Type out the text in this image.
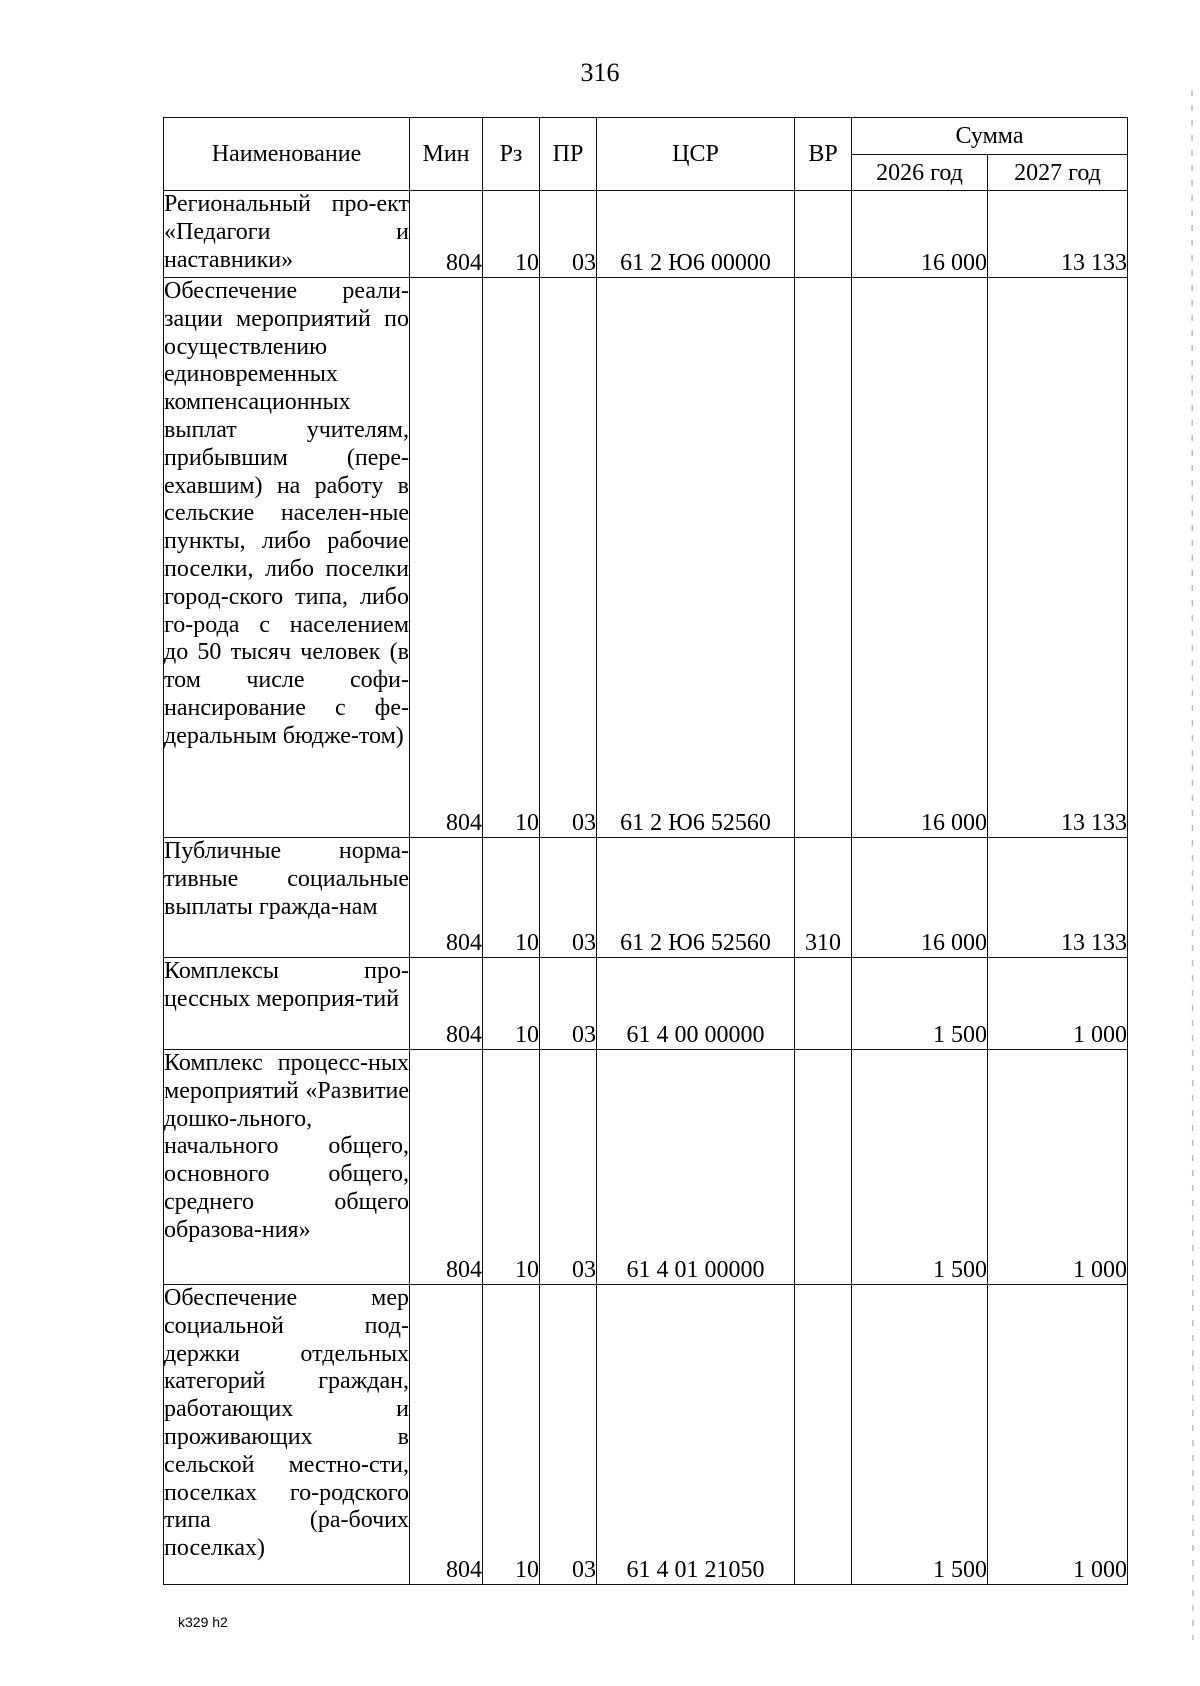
316
Наименование	Мин	Рз	ПР	ЦСР	ВР	Сумма	
						2026 год	2027 год
Региональный про-​ект «Педагоги и наставники»	804	10	03	61 2 Ю6 00000		16 000	13 133
Обеспечение реали-​зации мероприятий по осуществлению единовременных компенсационных выплат учителям, прибывшим (пере-​ехавшим) на работу в сельские населен-​ные пункты, либо рабочие поселки, либо поселки город-​ского типа, либо го-​рода с населением до 50 тысяч человек (в том числе софи-​нансирование с фе-​деральным бюдже-​том)	804	10	03	61 2 Ю6 52560		16 000	13 133
Публичные норма-​тивные социальные выплаты гражда-​нам	804	10	03	61 2 Ю6 52560	310	16 000	13 133
Комплексы про-​цессных мероприя-​тий	804	10	03	61 4 00 00000		1 500	1 000
Комплекс процесс-​ных мероприятий «Развитие дошко-​льного, начального общего, основного общего, среднего общего образова-​ния»	804	10	03	61 4 01 00000		1 500	1 000
Обеспечение мер социальной под-​держки отдельных категорий граждан, работающих и проживающих в сельской местно-​сти, поселках го-​родского типа (ра-​бочих поселках)	804	10	03	61 4 01 21050		1 500	1 000
k329 h2
